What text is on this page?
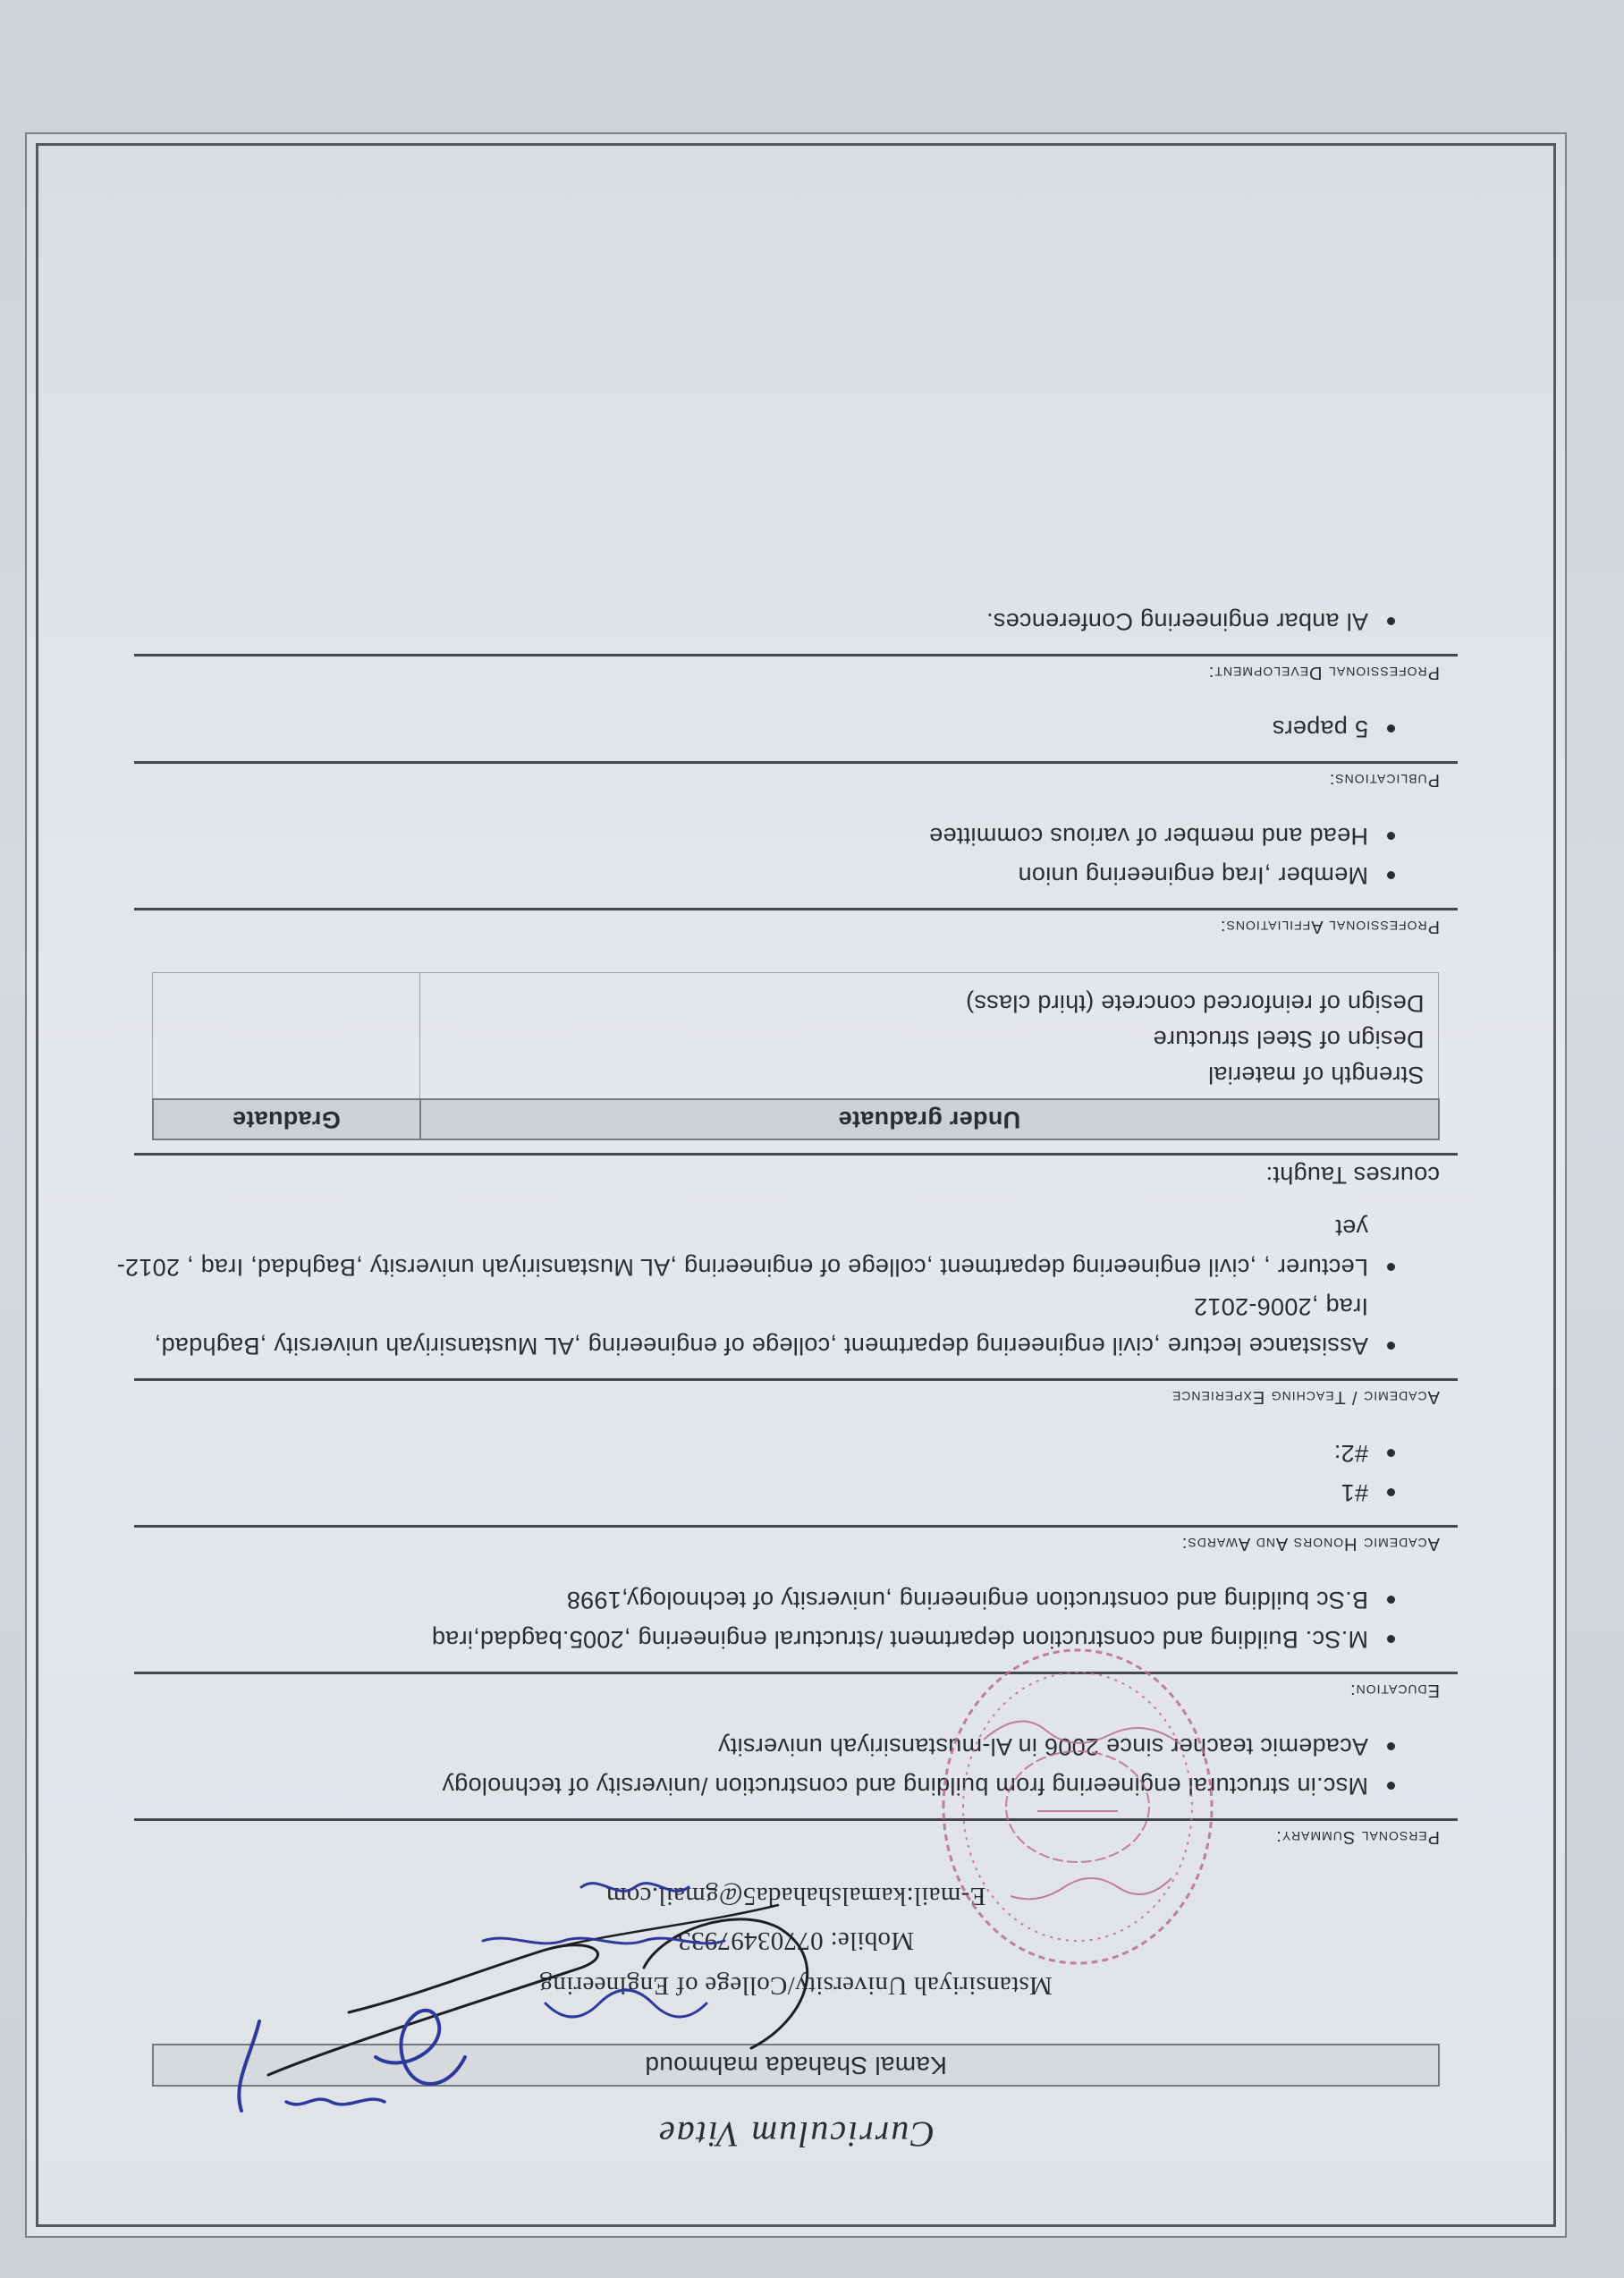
Curriculum Vitae
Kamal Shahada mahmoud
Mstansiriyah University/College of Engineering
Mobile: 07703497933
E-mail:kamalshahada5@gmail.com
Personal Summary:
Msc.in structural engineering from building and construction /university of technology
Academic teacher since 2006 in Al-mustansiriyah university
Education:
M.Sc. Building and construction department /structural engineering ,2005.bagdad,iraq
B.Sc building and construction engineering ,university of technology,1998
Academic Honors And Awards:
#1
#2:
Academic / Teaching Experience
Assistance lecture ,civil engineering department ,college of engineering ,AL Mustansiriyah university ,Baghdad, Iraq ,2006-2012
Lecturer , ,civil engineering department ,college of engineering ,AL Mustansiriyah university ,Baghdad, Iraq , 2012-yet
courses Taught:
Under graduate	Graduate

Strength of material
Design of Steel structure
Design of reinforced concrete (third class)	

Professional Affiliations:
Member ,Iraq engineering union
Head and member of various committee
Publications:
5 papers
Professional Development:
Al anbar engineering Conferences.
